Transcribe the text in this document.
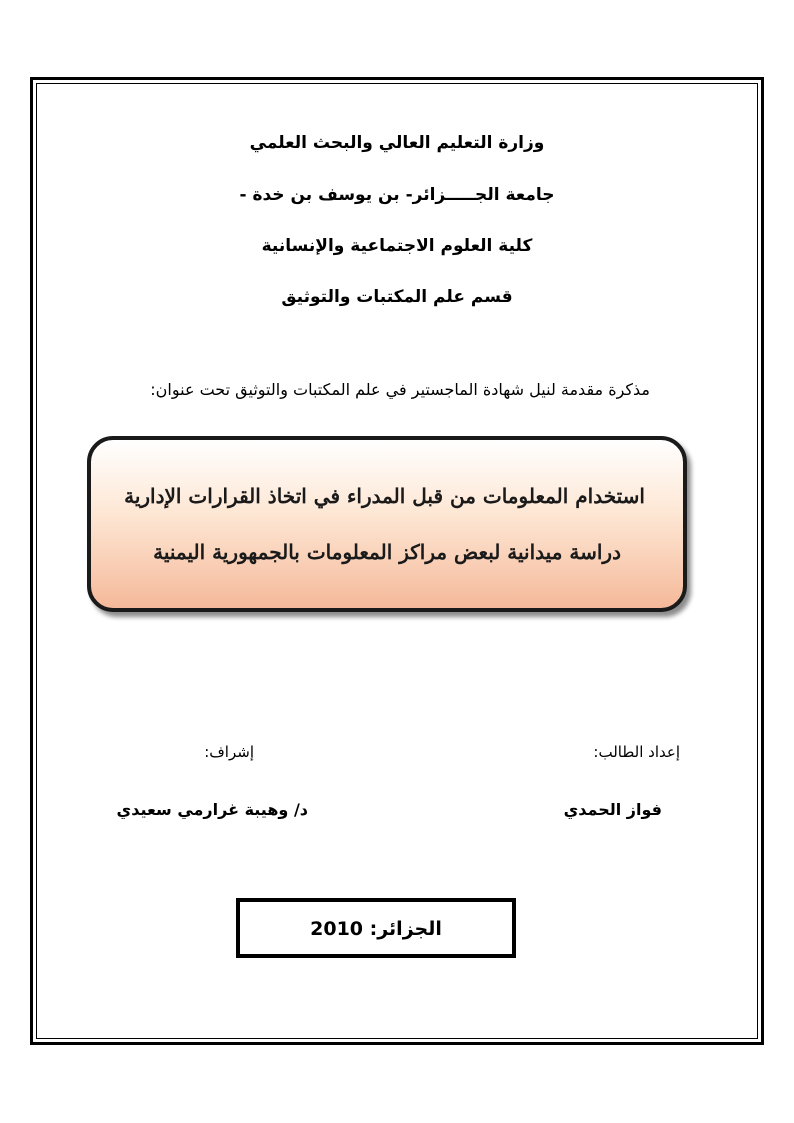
وزارة التعليم العالي والبحث العلمي
جامعة الجـــــزائر- بن يوسف بن خدة -
كلية العلوم الاجتماعية والإنسانية
قسم علم المكتبات والتوثيق
مذكرة مقدمة لنيل شهادة الماجستير في علم المكتبات والتوثيق تحت عنوان:
استخدام المعلومات من قبل المدراء في اتخاذ القرارات الإدارية
دراسة ميدانية لبعض مراكز المعلومات بالجمهورية اليمنية
إعداد الطالب:
إشراف:
فواز الحمدي
د/ وهيبة غرارمي سعيدي
الجزائر: 2010
